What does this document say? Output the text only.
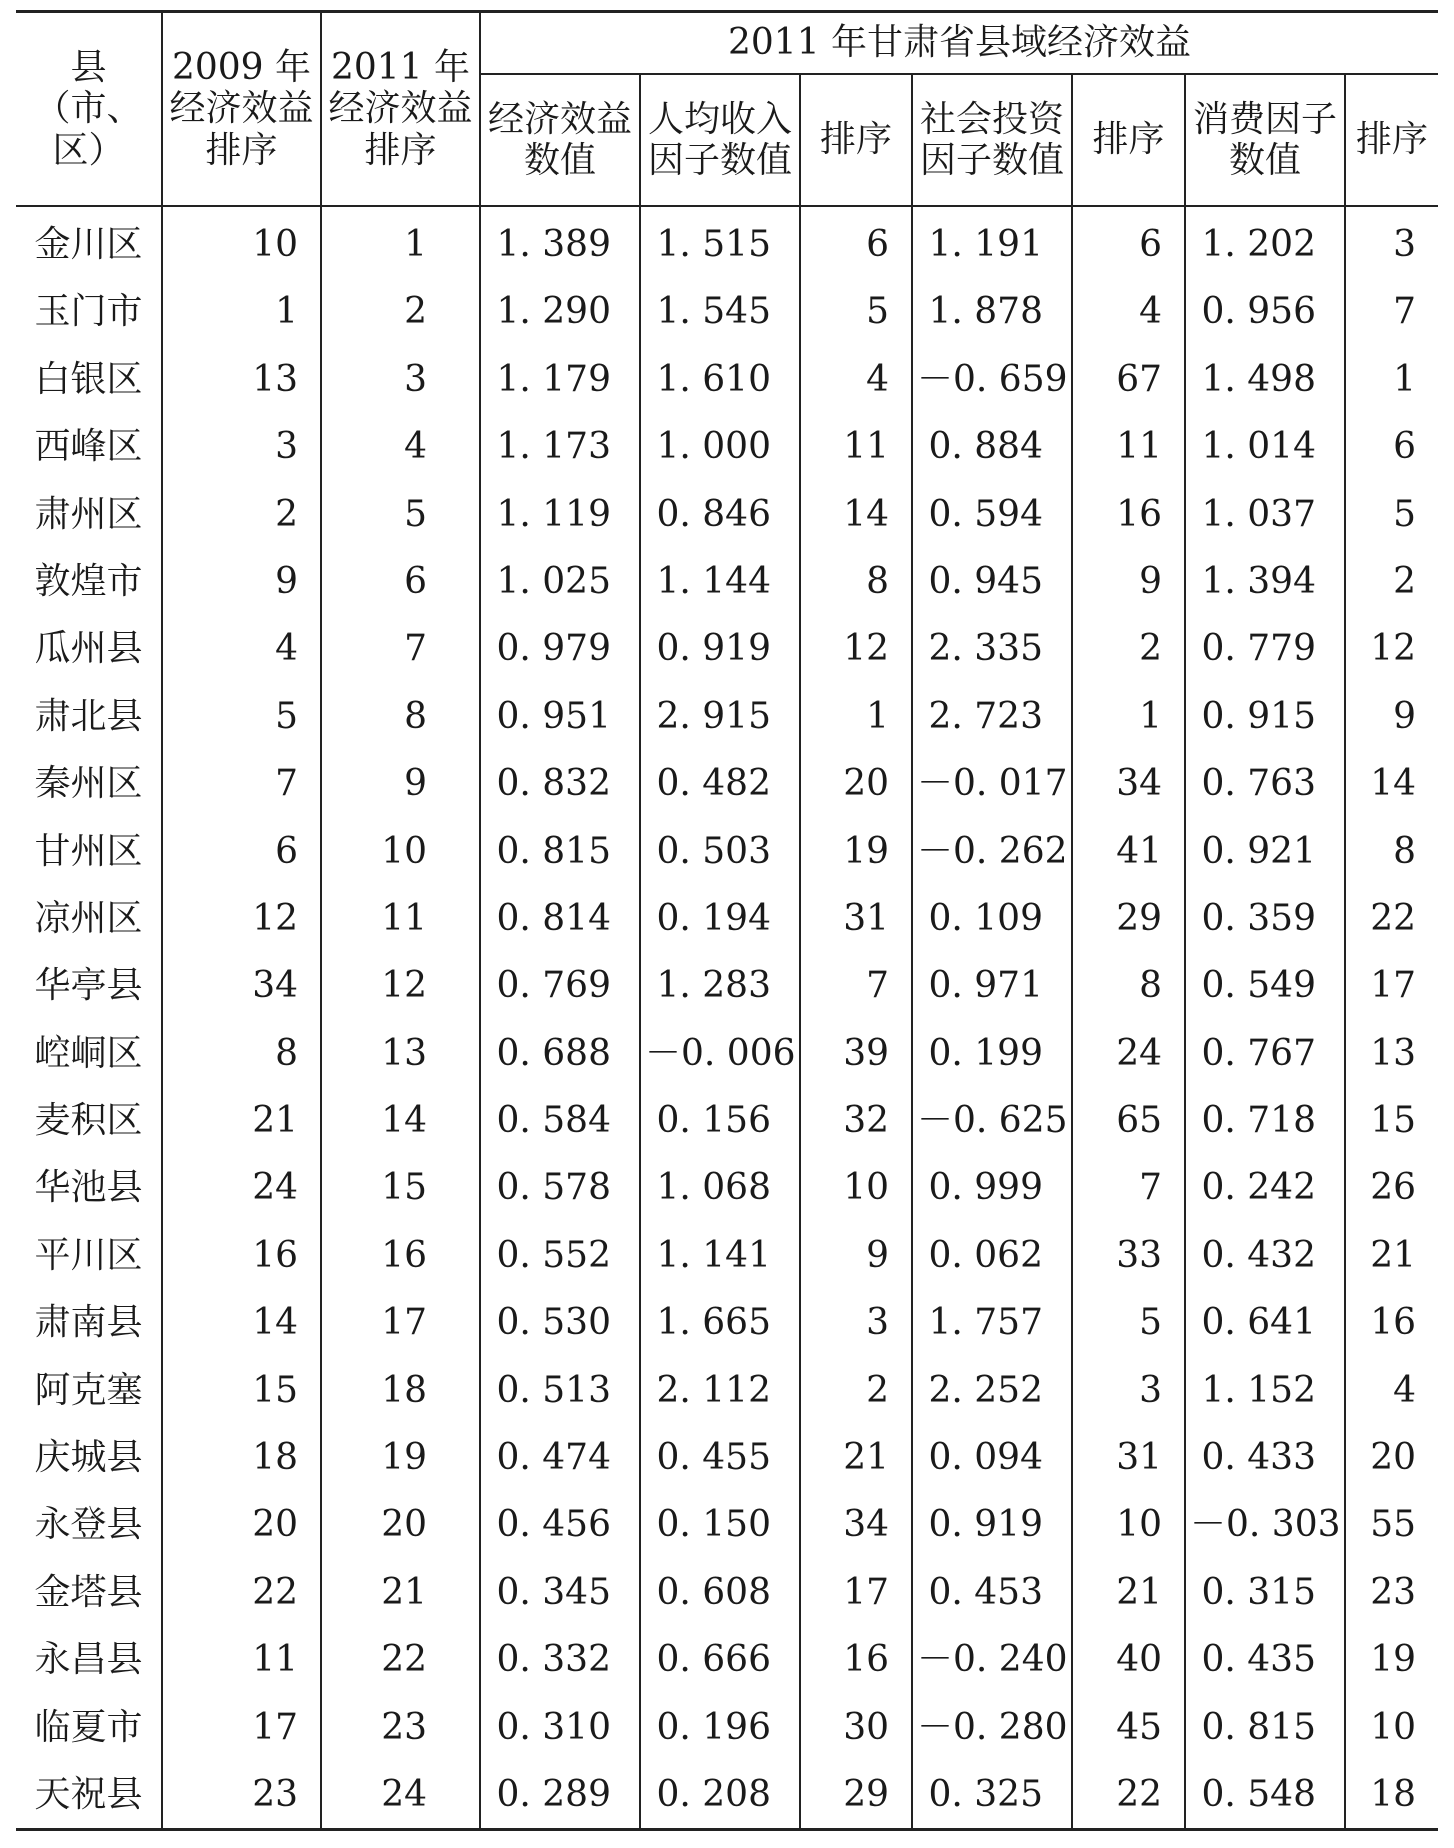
县（市、区）	2009 年经济效益排序	2011 年经济效益排序	2011 年甘肃省县域经济效益						
			经济效益数值	人均收入因子数值	排序	社会投资因子数值	排序	消费因子数值	排序
金川区	10	1	1. 389	1. 515	6	1. 191	6	1. 202	3
玉门市	1	2	1. 290	1. 545	5	1. 878	4	0. 956	7
白银区	13	3	1. 179	1. 610	4	－0. 659	67	1. 498	1
西峰区	3	4	1. 173	1. 000	11	0. 884	11	1. 014	6
肃州区	2	5	1. 119	0. 846	14	0. 594	16	1. 037	5
敦煌市	9	6	1. 025	1. 144	8	0. 945	9	1. 394	2
瓜州县	4	7	0. 979	0. 919	12	2. 335	2	0. 779	12
肃北县	5	8	0. 951	2. 915	1	2. 723	1	0. 915	9
秦州区	7	9	0. 832	0. 482	20	－0. 017	34	0. 763	14
甘州区	6	10	0. 815	0. 503	19	－0. 262	41	0. 921	8
凉州区	12	11	0. 814	0. 194	31	0. 109	29	0. 359	22
华亭县	34	12	0. 769	1. 283	7	0. 971	8	0. 549	17
崆峒区	8	13	0. 688	－0. 006	39	0. 199	24	0. 767	13
麦积区	21	14	0. 584	0. 156	32	－0. 625	65	0. 718	15
华池县	24	15	0. 578	1. 068	10	0. 999	7	0. 242	26
平川区	16	16	0. 552	1. 141	9	0. 062	33	0. 432	21
肃南县	14	17	0. 530	1. 665	3	1. 757	5	0. 641	16
阿克塞	15	18	0. 513	2. 112	2	2. 252	3	1. 152	4
庆城县	18	19	0. 474	0. 455	21	0. 094	31	0. 433	20
永登县	20	20	0. 456	0. 150	34	0. 919	10	－0. 303	55
金塔县	22	21	0. 345	0. 608	17	0. 453	21	0. 315	23
永昌县	11	22	0. 332	0. 666	16	－0. 240	40	0. 435	19
临夏市	17	23	0. 310	0. 196	30	－0. 280	45	0. 815	10
天祝县	23	24	0. 289	0. 208	29	0. 325	22	0. 548	18
